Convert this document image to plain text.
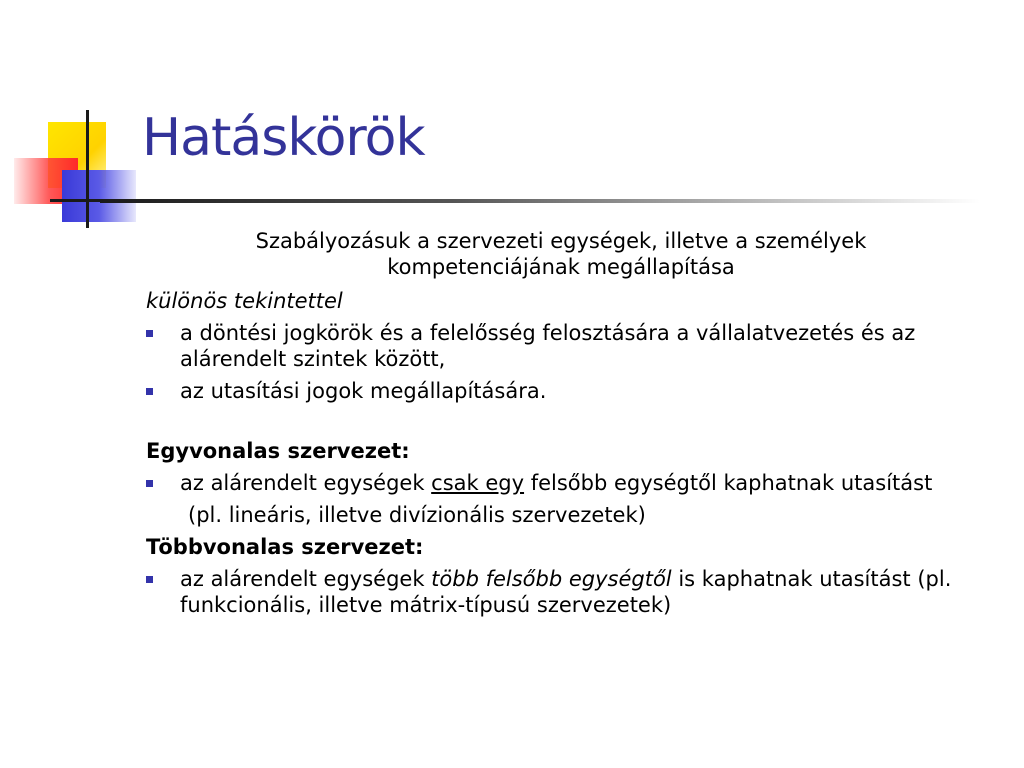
Hatáskörök

Szabályozásuk a szervezeti egységek, illetve a személyek
kompetenciájának megállapítása

különös tekintettel

a döntési jogkörök és a felelősség felosztására a vállalatvezetés és az alárendelt szintek között,
az utasítási jogok megállapítására.

Egyvonalas szervezet:

az alárendelt egységek csak egy felsőbb egységtől kaphatnak utasítást

(pl. lineáris, illetve divízionális szervezetek)

Többvonalas szervezet:

az alárendelt egységek több felsőbb egységtől is kaphatnak utasítást (pl. funkcionális, illetve mátrix-típusú szervezetek)
